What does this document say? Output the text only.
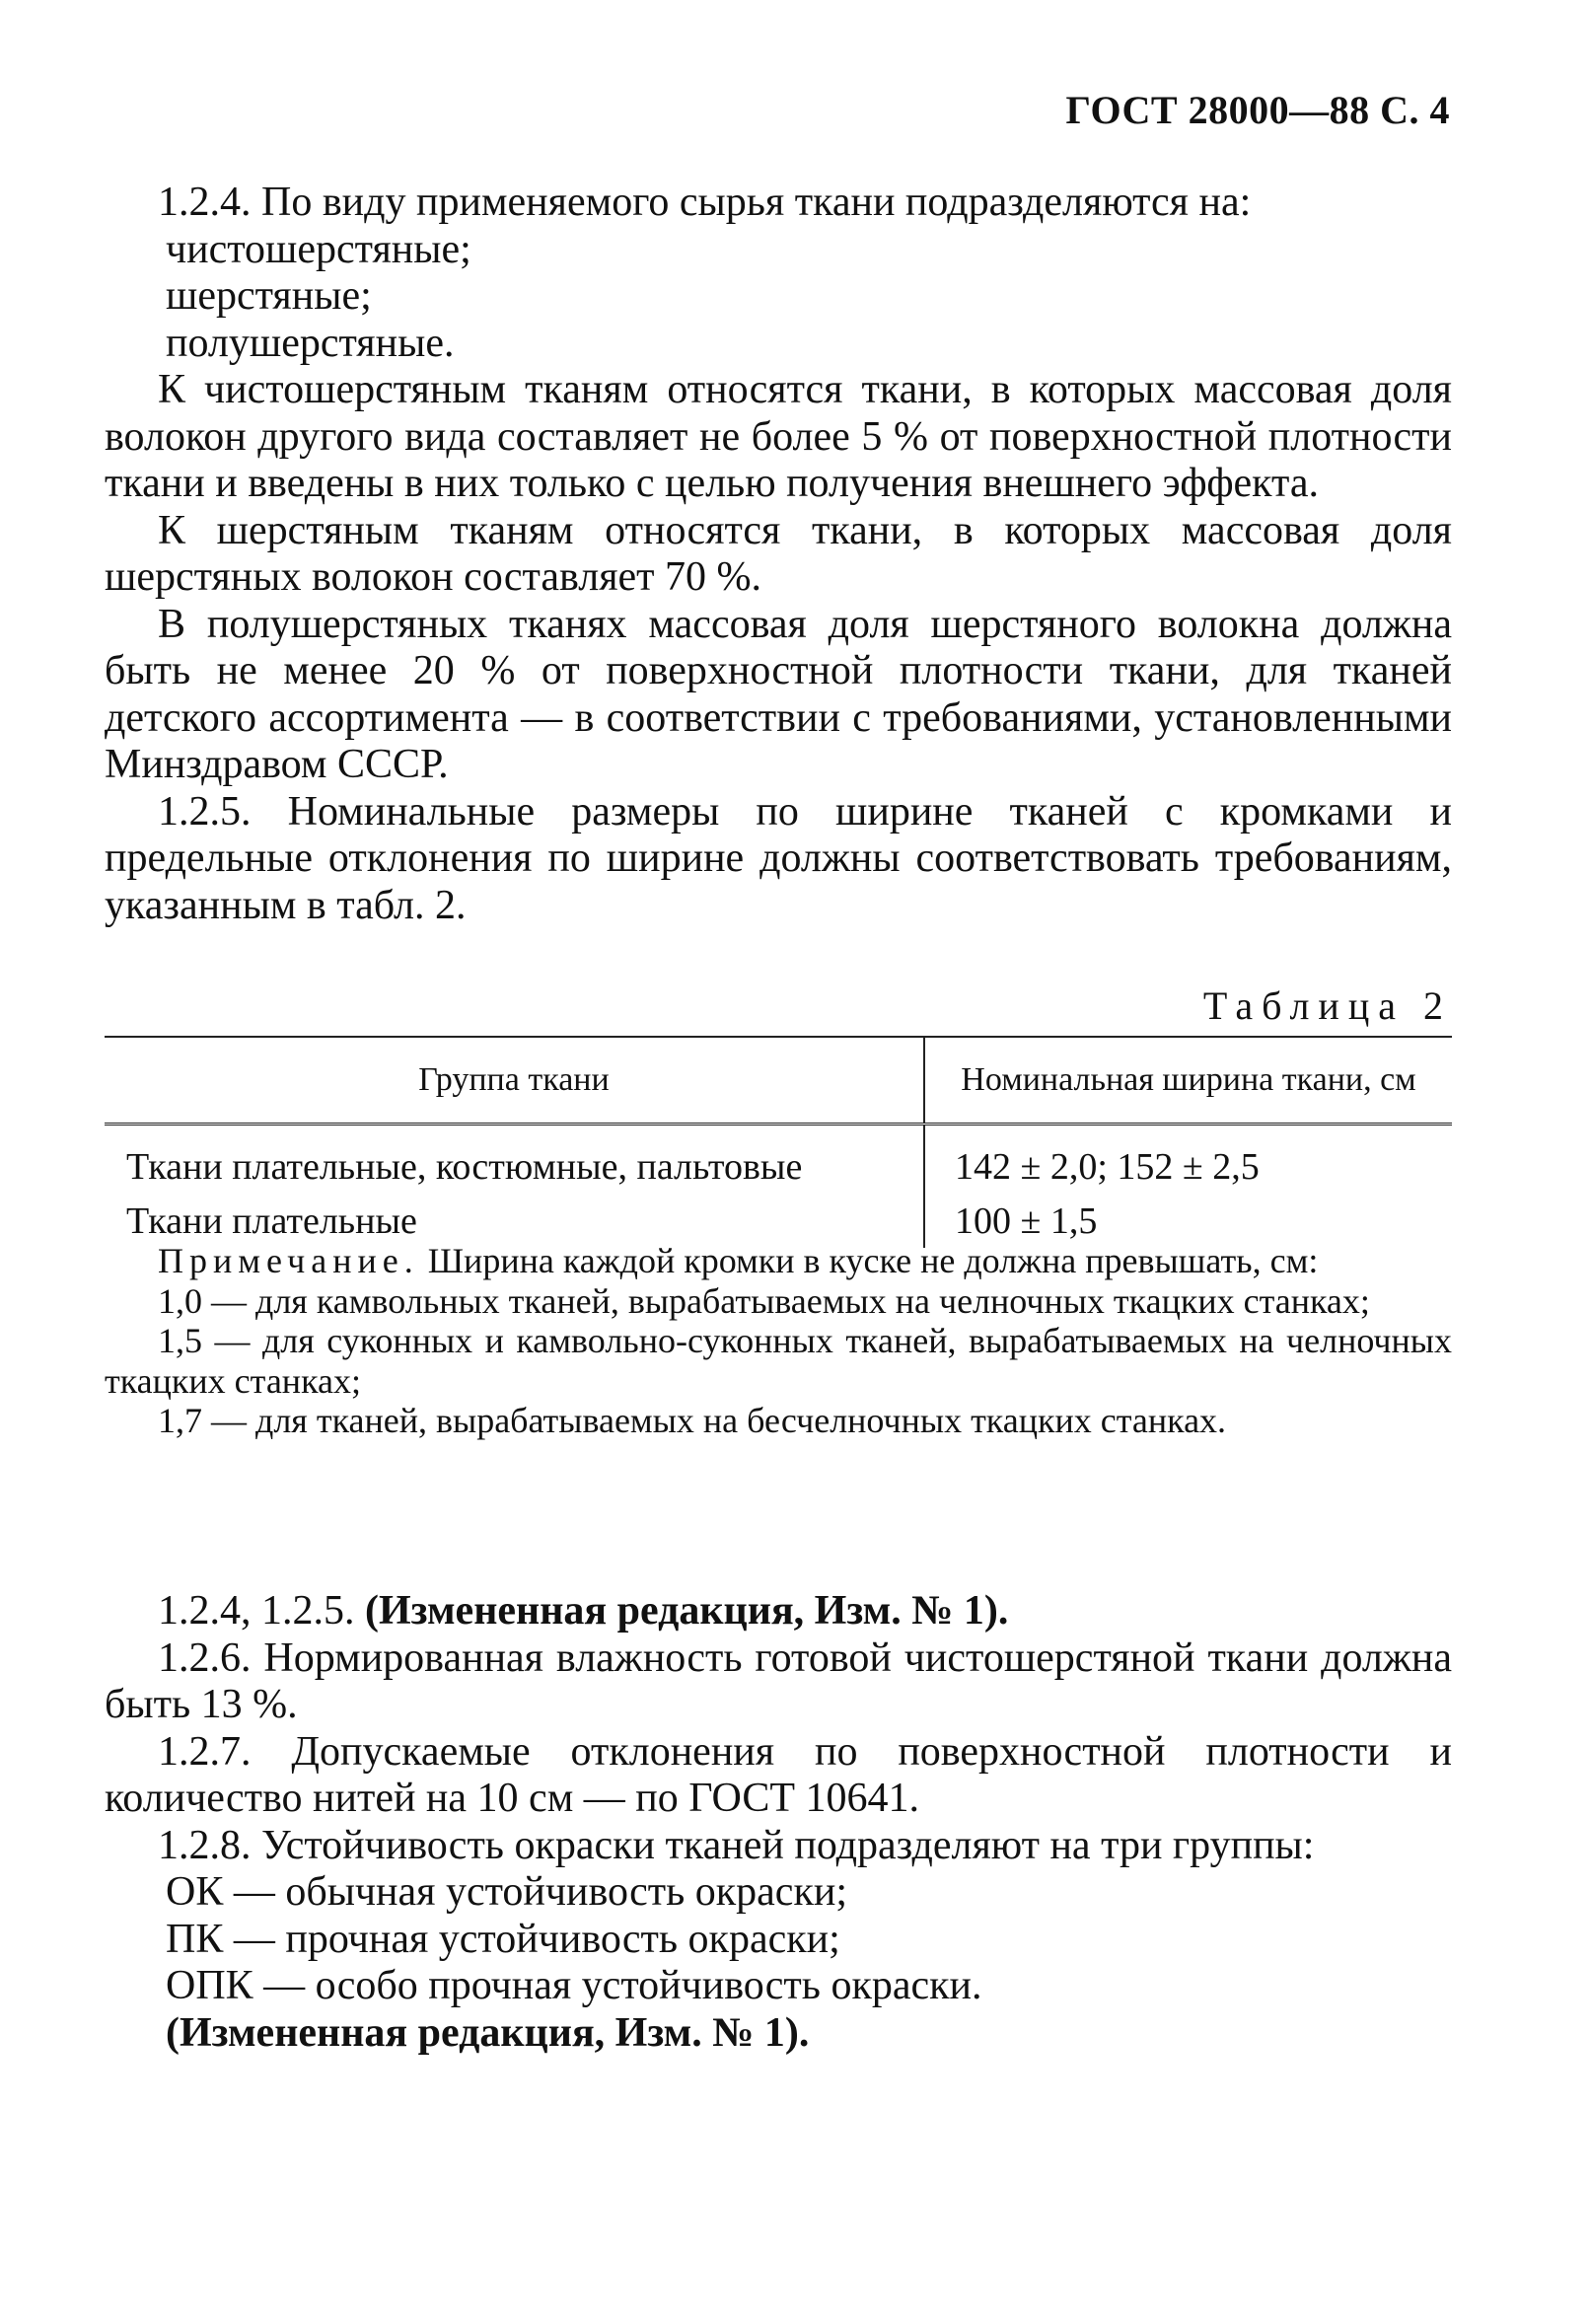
ГОСТ 28000—88 С. 4

1.2.4. По виду применяемого сырья ткани подразделяются на:

чистошерстяные;

шерстяные;

полушерстяные.

К чистошерстяным тканям относятся ткани, в которых массовая доля волокон другого вида составляет не более 5 % от поверхностной плотности ткани и введены в них только с целью получения внешнего эффекта.

К шерстяным тканям относятся ткани, в которых массовая доля шерстяных волокон составляет 70 %.

В полушерстяных тканях массовая доля шерстяного волокна должна быть не менее 20 % от поверхностной плотности ткани, для тканей детского ассортимента — в соответствии с требованиями, установленными Минздравом СССР.

1.2.5. Номинальные размеры по ширине тканей с кромками и предельные отклонения по ширине должны соответствовать требованиям, указанным в табл. 2.

Таблица 2
Группа ткани	Номинальная ширина ткани, см
Ткани плательные, костюмные, пальтовые	142 ± 2,0; 152 ± 2,5
Ткани плательные	100 ± 1,5

Примечание. Ширина каждой кромки в куске не должна превышать, см:

1,0 — для камвольных тканей, вырабатываемых на челночных ткацких станках;

1,5 — для суконных и камвольно-суконных тканей, вырабатываемых на челночных ткацких станках;

1,7 — для тканей, вырабатываемых на бесчелночных ткацких станках.

1.2.4, 1.2.5. (Измененная редакция, Изм. № 1).

1.2.6. Нормированная влажность готовой чистошерстяной ткани должна быть 13 %.

1.2.7. Допускаемые отклонения по поверхностной плотности и количество нитей на 10 см — по ГОСТ 10641.

1.2.8. Устойчивость окраски тканей подразделяют на три группы:

ОК — обычная устойчивость окраски;

ПК — прочная устойчивость окраски;

ОПК — особо прочная устойчивость окраски.

(Измененная редакция, Изм. № 1).
